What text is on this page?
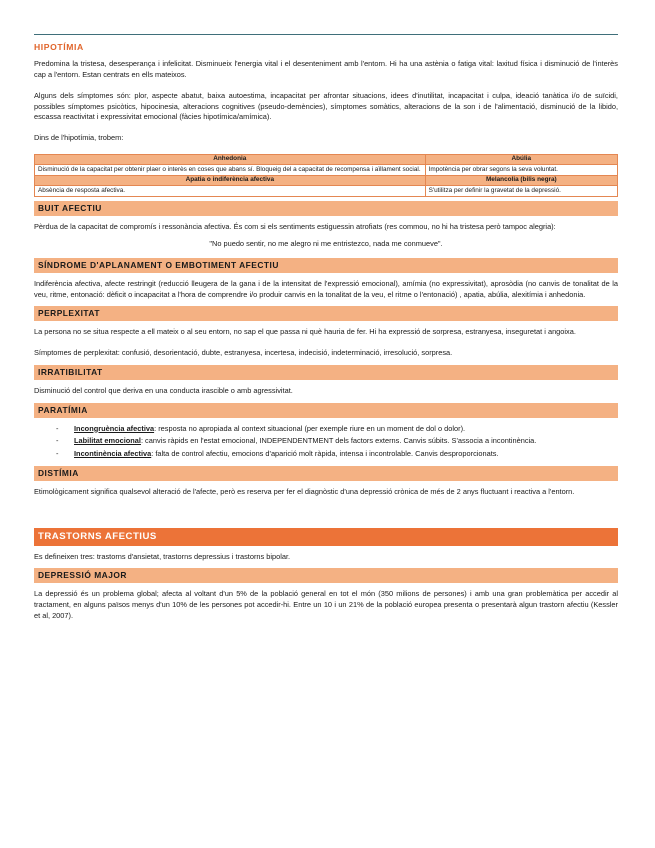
HIPOTÍMIA

Predomina la tristesa, desesperança i infelicitat. Disminueix l'energia vital i el desenteniment amb l'entorn. Hi ha una astènia o fatiga vital: laxitud física i disminució de l'interès cap a l'entorn. Estan centrats en ells mateixos.

Alguns dels símptomes són: plor, aspecte abatut, baixa autoestima, incapacitat per afrontar situacions, idees d'inutilitat, incapacitat i culpa, ideació tanàtica i/o de suïcidi, possibles símptomes psicòtics, hipocinesia, alteracions cognitives (pseudo-demències), símptomes somàtics, alteracions de la son i de l'alimentació, disminució de la libido, escassa reactivitat i expressivitat emocional (fàcies hipotímica/amímica).

Dins de l'hipotímia, trobem:

Anhedonia	Abúlia
Disminució de la capacitat per obtenir plaer o interès en coses que abans sí. Bloqueig del a capacitat de recompensa i aïllament social.	Impotència per obrar segons la seva voluntat.
Apatia o indiferència afectiva	Melancolia (bilis negra)
Absència de resposta afectiva.	S'utilitza per definir la gravetat de la depressió.
BUIT AFECTIU

Pèrdua de la capacitat de compromís i ressonància afectiva. És com si els sentiments estiguessin atrofiats (res commou, no hi ha tristesa però tampoc alegria):

"No puedo sentir, no me alegro ni me entristezco, nada me conmueve".

SÍNDROME D'APLANAMENT O EMBOTIMENT AFECTIU

Indiferència afectiva, afecte restringit (reducció lleugera de la gana i de la intensitat de l'expressió emocional), amímia (no expressivitat), aprosòdia (no canvis de tonalitat de la veu, ritme, entonació: dèficit o incapacitat a l'hora de comprendre i/o produir canvis en la tonalitat de la veu, el ritme o l'entonació) , apatia, abúlia, alexitímia i anhedonia.

PERPLEXITAT

La persona no se situa respecte a ell mateix o al seu entorn, no sap el que passa ni què hauria de fer. Hi ha expressió de sorpresa, estranyesa, inseguretat i angoixa.

Símptomes de perplexitat: confusió, desorientació, dubte, estranyesa, incertesa, indecisió, indeterminació, irresolució, sorpresa.

IRRATIBILITAT

Disminució del control que deriva en una conducta irascible o amb agressivitat.

PARATÍMIA
- Incongruència afectiva: resposta no apropiada al context situacional (per exemple riure en un moment de dol o dolor).
- Labilitat emocional: canvis ràpids en l'estat emocional, INDEPENDENTMENT dels factors externs. Canvis súbits. S'associa a incontinència.
- Incontinència afectiva: falta de control afectiu, emocions d'aparició molt ràpida, intensa i incontrolable. Canvis desproporcionats.
DISTÍMIA

Etimològicament significa qualsevol alteració de l'afecte, però es reserva per fer el diagnòstic d'una depressió crònica de més de 2 anys fluctuant i reactiva a l'entorn.

TRASTORNS AFECTIUS

Es defineixen tres: trastorns d'ansietat, trastorns depressius i trastorns bipolar.

DEPRESSIÓ MAJOR

La depressió és un problema global; afecta al voltant d'un 5% de la població general en tot el món (350 milions de persones) i amb una gran problemàtica per accedir al tractament, en alguns països menys d'un 10% de les persones pot accedir-hi. Entre un 10 i un 21% de la població europea presenta o presentarà algun trastorn afectiu (Kessler et al, 2007).
